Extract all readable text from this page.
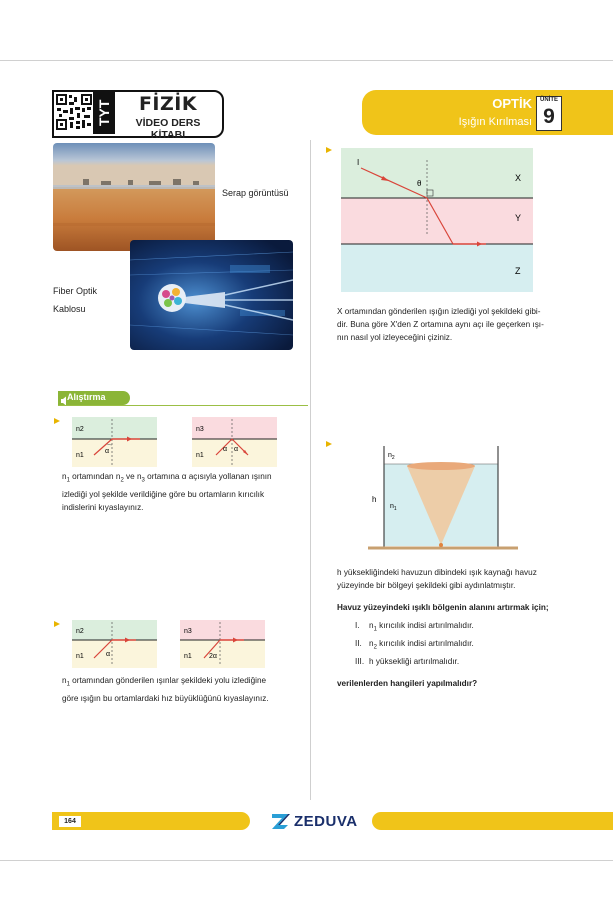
TYT	FİZİK
VİDEO DERS KİTABI
OPTİK
Işığın Kırılması
ÜNİTE
9
Serap görüntüsü
Fiber Optik
Kablosu
Alıştırma
n2
n1
α
n3
n1
α α
$n_1$ ortamından $n_2$ ve $n_3$ ortamına α açısıyla yollanan ışının
izlediği yol şekilde verildiğine göre bu ortamların kırıcılık
indislerini kıyaslayınız.
n2
n1	α
n3
n1 2α
$n_1$ ortamından gönderilen ışınlar şekildeki yolu izlediğine
göre ışığın bu ortamlardaki hız büyüklüğünü kıyaslayınız.
I
θ
X
Y
Z
X ortamından gönderilen ışığın izlediği yol şekildeki gibi-
dir. Buna göre X'den Z ortamına aynı açı ile geçerken ışı-
nın nasıl yol izleyeceğini çiziniz.
$n_2$
$n_1$
h
h yüksekliğindeki havuzun dibindeki ışık kaynağı havuz
yüzeyinde bir bölgeyi şekildeki gibi aydınlatmıştır.
Havuz yüzeyindeki ışıklı bölgenin alanını artırmak için;
I. $n_1$ kırıcılık indisi artırılmalıdır.
II. $n_2$ kırıcılık indisi artırılmalıdır.
III. h yüksekliği artırılmalıdır.
verilenlerden hangileri yapılmalıdır?
164	ZEDUVA
